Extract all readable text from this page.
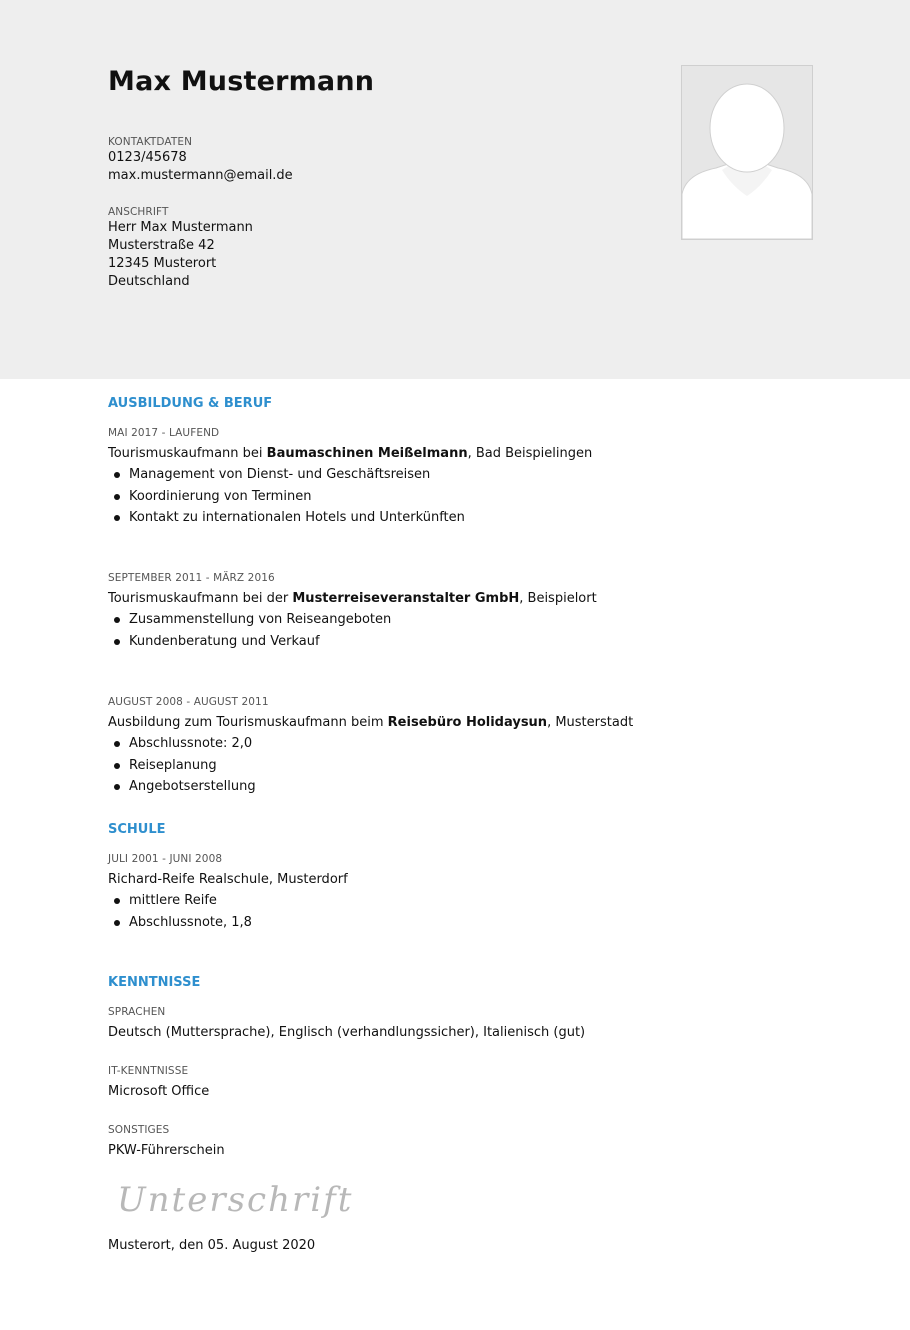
Max Mustermann
KONTAKTDATEN
0123/45678
max.mustermann@email.de
ANSCHRIFT
Herr Max Mustermann
Musterstraße 42
12345 Musterort
Deutschland
AUSBILDUNG & BERUF
MAI 2017 - LAUFEND
Tourismuskaufmann bei Baumaschinen Meißelmann, Bad Beispielingen
Management von Dienst- und Geschäftsreisen
Koordinierung von Terminen
Kontakt zu internationalen Hotels und Unterkünften
SEPTEMBER 2011 - MÄRZ 2016
Tourismuskaufmann bei der Musterreiseveranstalter GmbH, Beispielort
Zusammenstellung von Reiseangeboten
Kundenberatung und Verkauf
AUGUST 2008 - AUGUST 2011
Ausbildung zum Tourismuskaufmann beim Reisebüro Holidaysun, Musterstadt
Abschlussnote: 2,0
Reiseplanung
Angebotserstellung
SCHULE
JULI 2001 - JUNI 2008
Richard-Reife Realschule, Musterdorf
mittlere Reife
Abschlussnote, 1,8
KENNTNISSE
SPRACHEN
Deutsch (Muttersprache), Englisch (verhandlungssicher), Italienisch (gut)
IT-KENNTNISSE
Microsoft Office
SONSTIGES
PKW-Führerschein
Unterschrift
Musterort, den 05. August 2020
